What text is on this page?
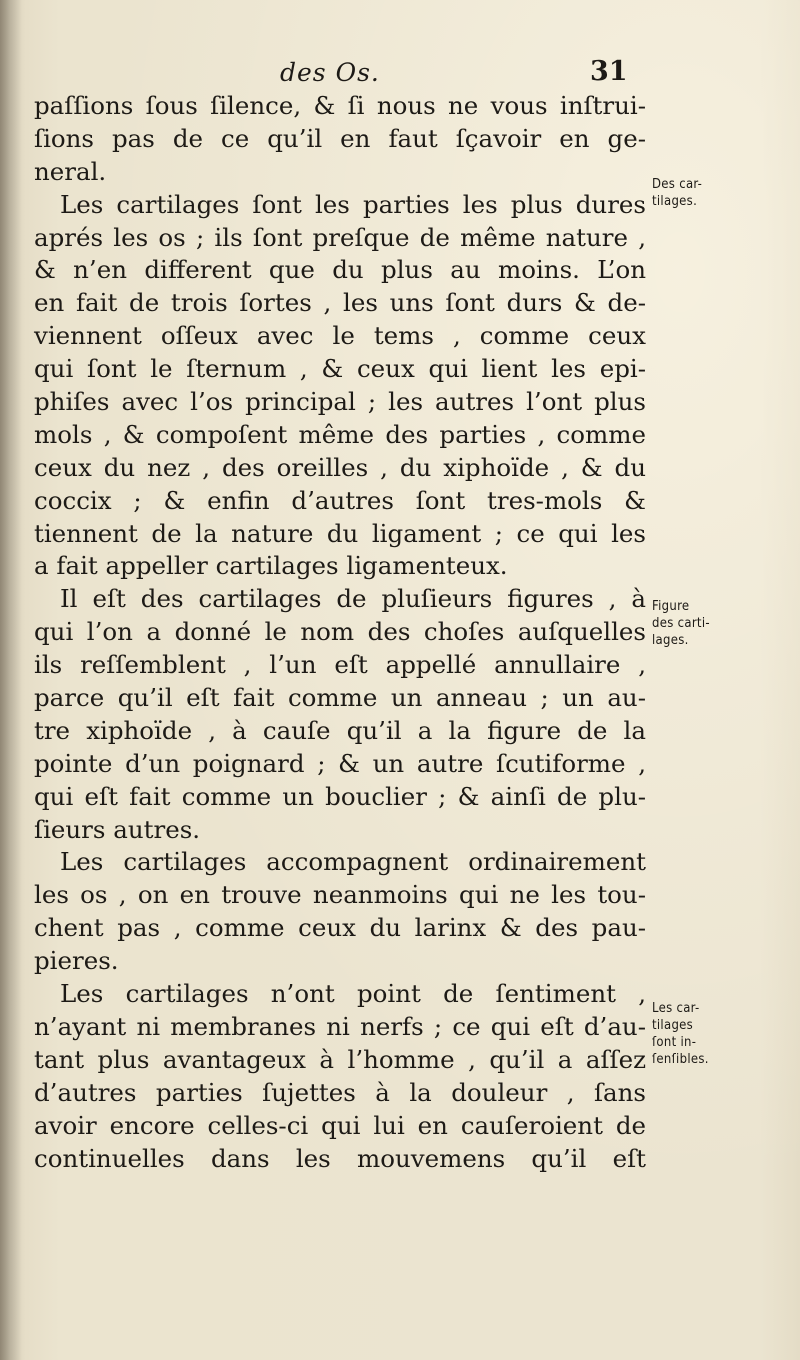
des Os.	31
paſſions ſous ſilence, & ſi nous ne vous inſtrui-
ſions pas de ce qu’il en faut ſçavoir en ge-
neral.
Les cartilages ſont les parties les plus dures
aprés les os ; ils ſont preſque de même nature ,
& n’en different que du plus au moins. L’on
en fait de trois ſortes , les uns ſont durs & de-
viennent oſſeux avec le tems , comme ceux
qui ſont le ſternum , & ceux qui lient les epi-
phiſes avec l’os principal ; les autres l’ont plus
mols , & compoſent même des parties , comme
ceux du nez , des oreilles , du xiphoïde , & du
coccix ; & enfin d’autres ſont tres-mols &
tiennent de la nature du ligament ; ce qui les
a fait appeller cartilages ligamenteux.
Il eſt des cartilages de pluſieurs figures , à
qui l’on a donné le nom des choſes auſquelles
ils reſſemblent , l’un eſt appellé annullaire ,
parce qu’il eſt fait comme un anneau ; un au-
tre xiphoïde , à cauſe qu’il a la figure de la
pointe d’un poignard ; & un autre ſcutiforme ,
qui eſt fait comme un bouclier ; & ainſi de plu-
ſieurs autres.
Les cartilages accompagnent ordinairement
les os , on en trouve neanmoins qui ne les tou-
chent pas , comme ceux du larinx & des pau-
pieres.
Les cartilages n’ont point de ſentiment ,
n’ayant ni membranes ni nerfs ; ce qui eſt d’au-
tant plus avantageux à l’homme , qu’il a aſſez
d’autres parties ſujettes à la douleur , ſans
avoir encore celles-ci qui lui en cauſeroient de
continuelles dans les mouvemens qu’il eſt
Des car-
tilages.
Figure
des carti-
lages.
Les car-
tilages
ſont in-
ſenſibles.
